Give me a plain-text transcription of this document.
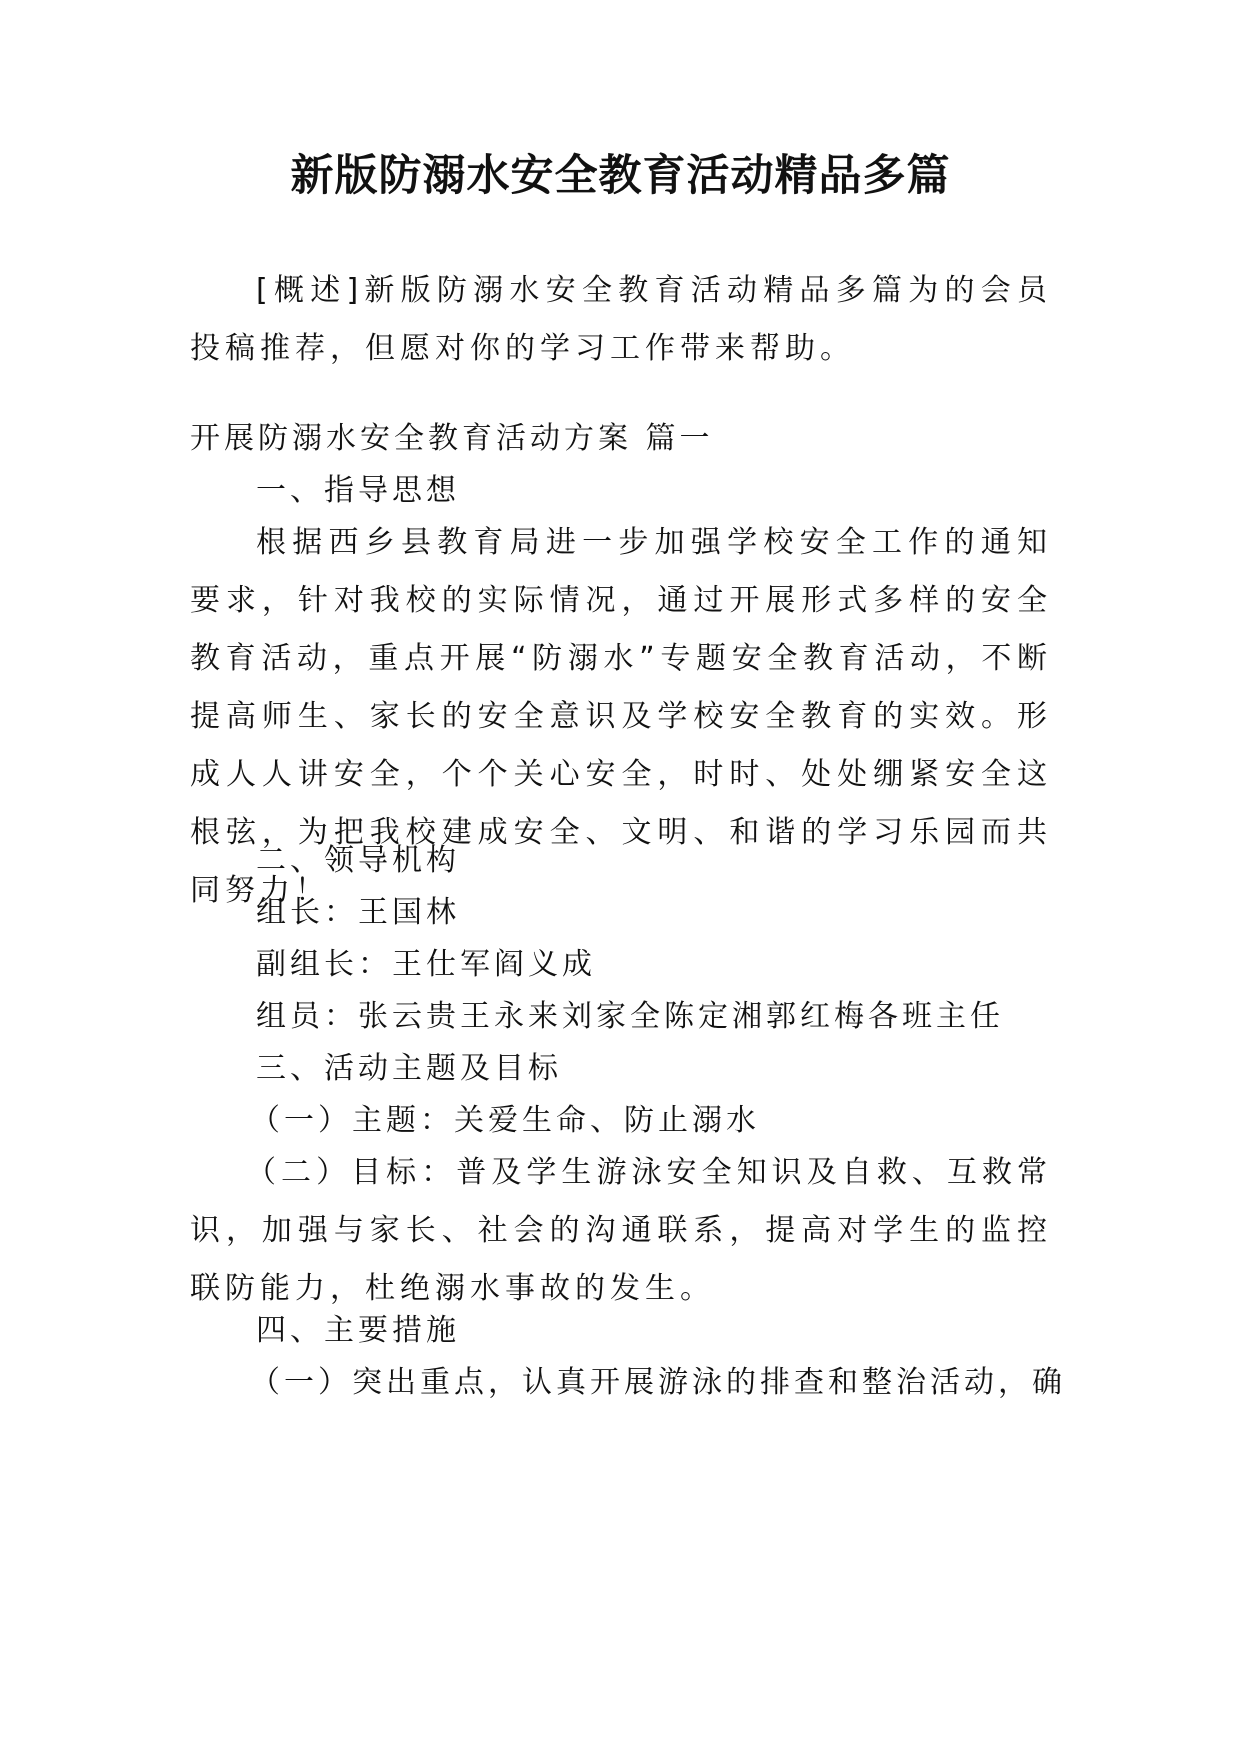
新版防溺水安全教育活动精品多篇

[概述]新版防溺水安全教育活动精品多篇为的会员投稿推荐，但愿对你的学习工作带来帮助。

开展防溺水安全教育活动方案 篇一
一、指导思想

根据西乡县教育局进一步加强学校安全工作的通知要求，针对我校的实际情况，通过开展形式多样的安全教育活动，重点开展“防溺水”专题安全教育活动，不断提高师生、家长的安全意识及学校安全教育的实效。形成人人讲安全，个个关心安全，时时、处处绷紧安全这根弦，为把我校建成安全、文明、和谐的学习乐园而共同努力！

二、领导机构
组长：王国林
副组长：王仕军阎义成
组员：张云贵王永来刘家全陈定湘郭红梅各班主任
三、活动主题及目标
（一）主题：关爱生命、防止溺水

（二）目标：普及学生游泳安全知识及自救、互救常识，加强与家长、社会的沟通联系，提高对学生的监控联防能力，杜绝溺水事故的发生。

四、主要措施
（一）突出重点，认真开展游泳的排查和整治活动，确
